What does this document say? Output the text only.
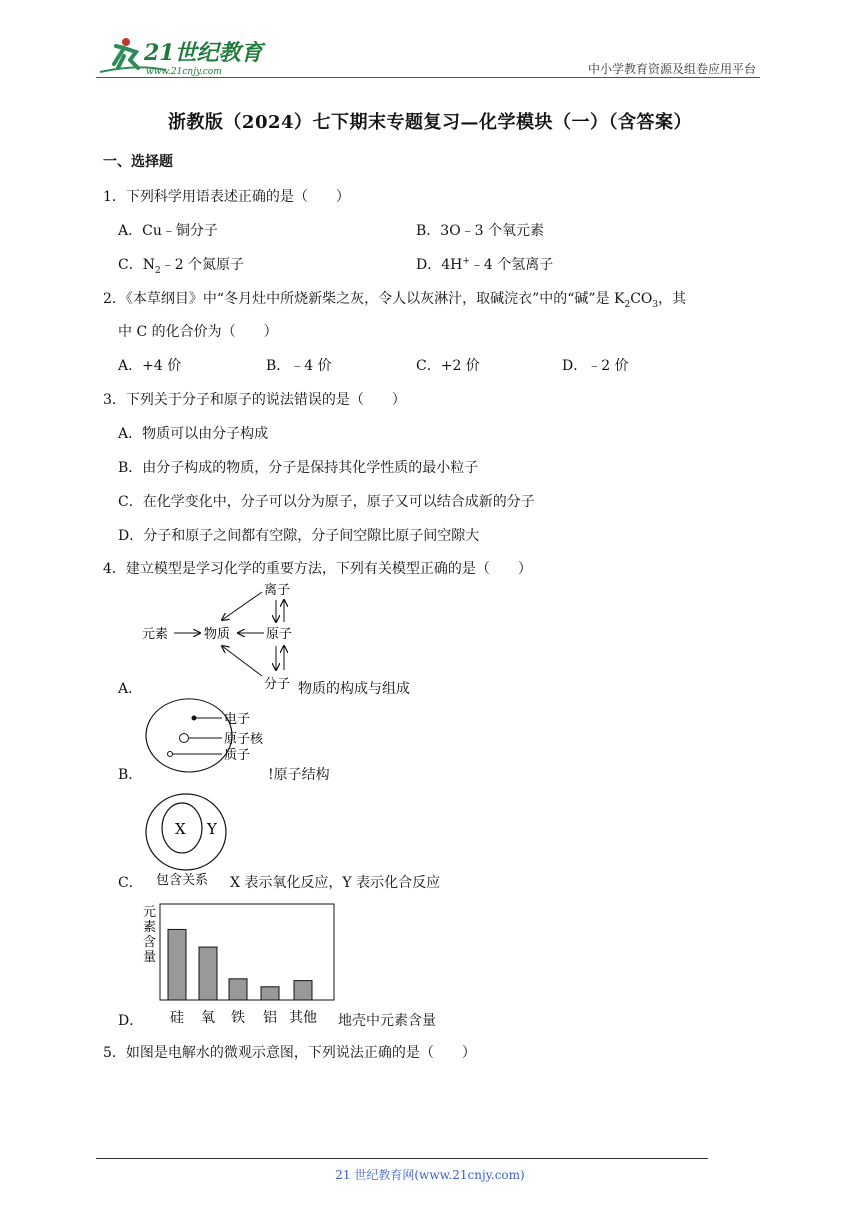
21世纪教育
www.21cnjy.com	中小学教育资源及组卷应用平台
浙教版（2024）七下期末专题复习—化学模块（一）（含答案）
一、选择题
1．下列科学用语表述正确的是（　　）
A．Cu﹣铜分子	B．3O﹣3 个氧元素
C．$N_2﹣2$ 个氮原子	D．4H+﹣4 个氢离子
2．《本草纲目》中“冬月灶中所烧新柴之灰，令人以灰淋汁，取碱浣衣”中的“碱”是 $K_2CO_3$，其
中 C 的化合价为（　　）
A．+4 价	B．﹣4 价	C．+2 价	D．﹣2 价
3．下列关于分子和原子的说法错误的是（　　）
A．物质可以由分子构成
B．由分子构成的物质，分子是保持其化学性质的最小粒子
C．在化学变化中，分子可以分为原子，原子又可以结合成新的分子
D．分子和原子之间都有空隙，分子间空隙比原子间空隙大
4．建立模型是学习化学的重要方法，下列有关模型正确的是（　　）
离子
元素	物质	原子
分子
A．	物质的构成与组成
电子
原子核
质子
B．	!原子结构
X Y
包含关系
C．	X 表示氧化反应，Y 表示化合反应
元
素
含
量
硅 氧 铁 铝 其他
D．	地壳中元素含量
5．如图是电解水的微观示意图，下列说法正确的是（　　）
21 世纪教育网(www.21cnjy.com)
